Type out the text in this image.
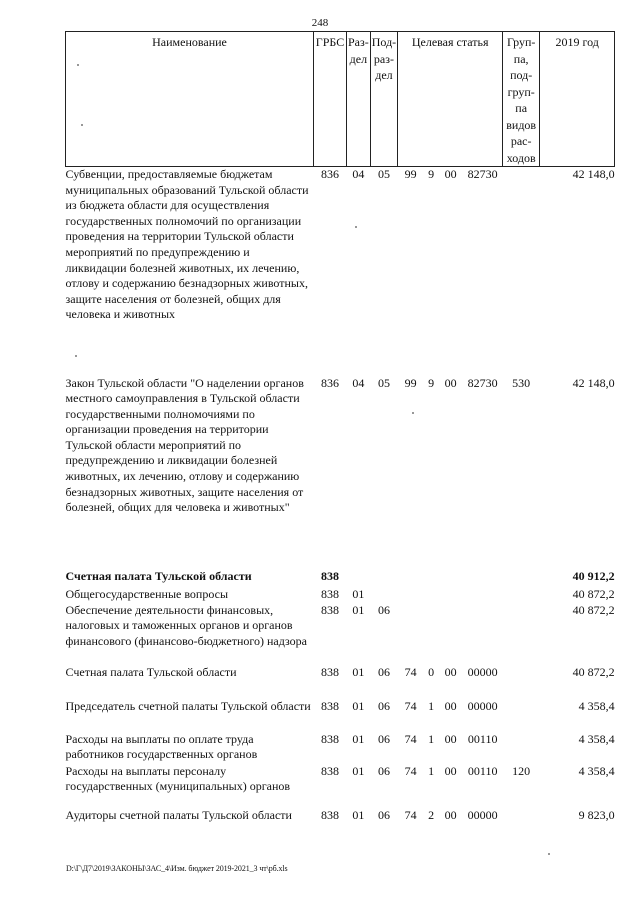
248
Наименование	ГРБС	Раз- дел	Под- раз- дел	Целевая статья				Груп- па, под- груп- па видов рас- ходов	2019 год
Субвенции, предоставляемые бюджетам муниципальных образований Тульской области из бюджета области для осуществления государственных полномочий по организации проведения на территории Тульской области мероприятий по предупреждению и ликвидации болезней животных, их лечению, отлову и содержанию безнадзорных животных, защите населения от болезней, общих для человека и животных	836	04	05	99	9	00	82730		42 148,0
Закон Тульской области "О наделении органов местного самоуправления в Тульской области государственными полномочиями по организации проведения на территории Тульской области мероприятий по предупреждению и ликвидации болезней животных, их лечению, отлову и содержанию безнадзорных животных, защите населения от болезней, общих для человека и животных"	836	04	05	99	9	00	82730	530	42 148,0
Счетная палата Тульской области	838								40 912,2
Общегосударственные вопросы	838	01							40 872,2
Обеспечение деятельности финансовых, налоговых и таможенных органов и органов финансового (финансово-бюджетного) надзора	838	01	06						40 872,2
Счетная палата Тульской области	838	01	06	74	0	00	00000		40 872,2
Председатель счетной палаты Тульской области	838	01	06	74	1	00	00000		4 358,4
Расходы на выплаты по оплате труда работников государственных органов	838	01	06	74	1	00	00110		4 358,4
Расходы на выплаты персоналу государственных (муниципальных) органов	838	01	06	74	1	00	00110	120	4 358,4
Аудиторы счетной палаты Тульской области	838	01	06	74	2	00	00000		9 823,0
D:\Г\Д7\2019\ЗАКОНЫ\ЗАС_4\Изм. бюджет 2019-2021_3 чт\рб.xls
